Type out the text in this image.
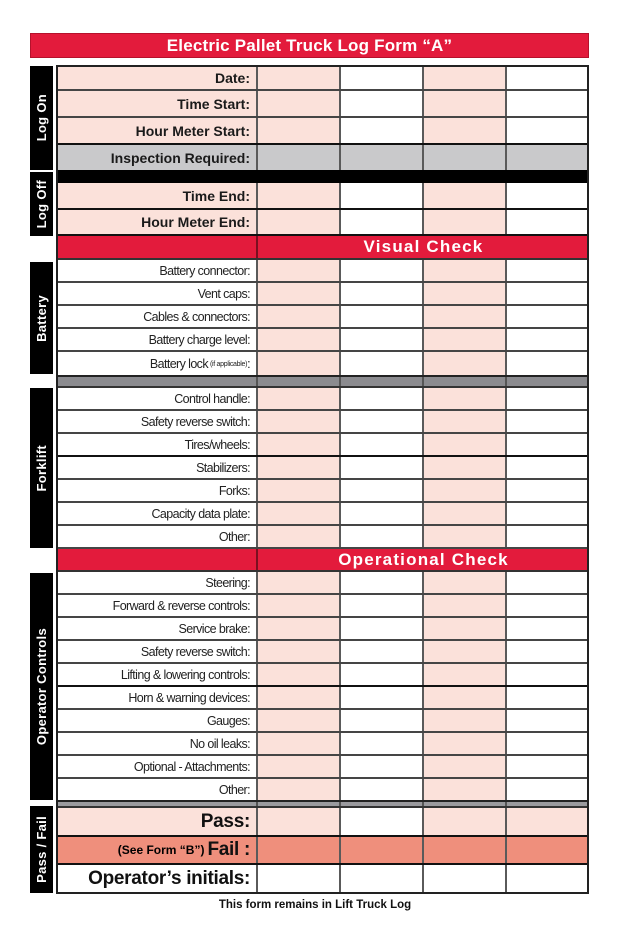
Electric Pallet Truck Log Form “A”
Log On
Log Off
Battery
Forklift
Operator Controls
Pass / Fail
Date:
Time Start:
Hour Meter Start:
Inspection Required:
Time End:
Hour Meter End:
Visual Check
Battery connector:
Vent caps:
Cables & connectors:
Battery charge level:
Battery lock (if applicable) :
Control handle:
Safety reverse switch:
Tires/wheels:
Stabilizers:
Forks:
Capacity data plate:
Other:
Operational Check
Steering:
Forward & reverse controls:
Service brake:
Safety reverse switch:
Lifting & lowering controls:
Horn & warning devices:
Gauges:
No oil leaks:
Optional - Attachments:
Other:
Pass:
(See Form “B”) Fail :
Operator’s initials:
This form remains in Lift Truck Log
